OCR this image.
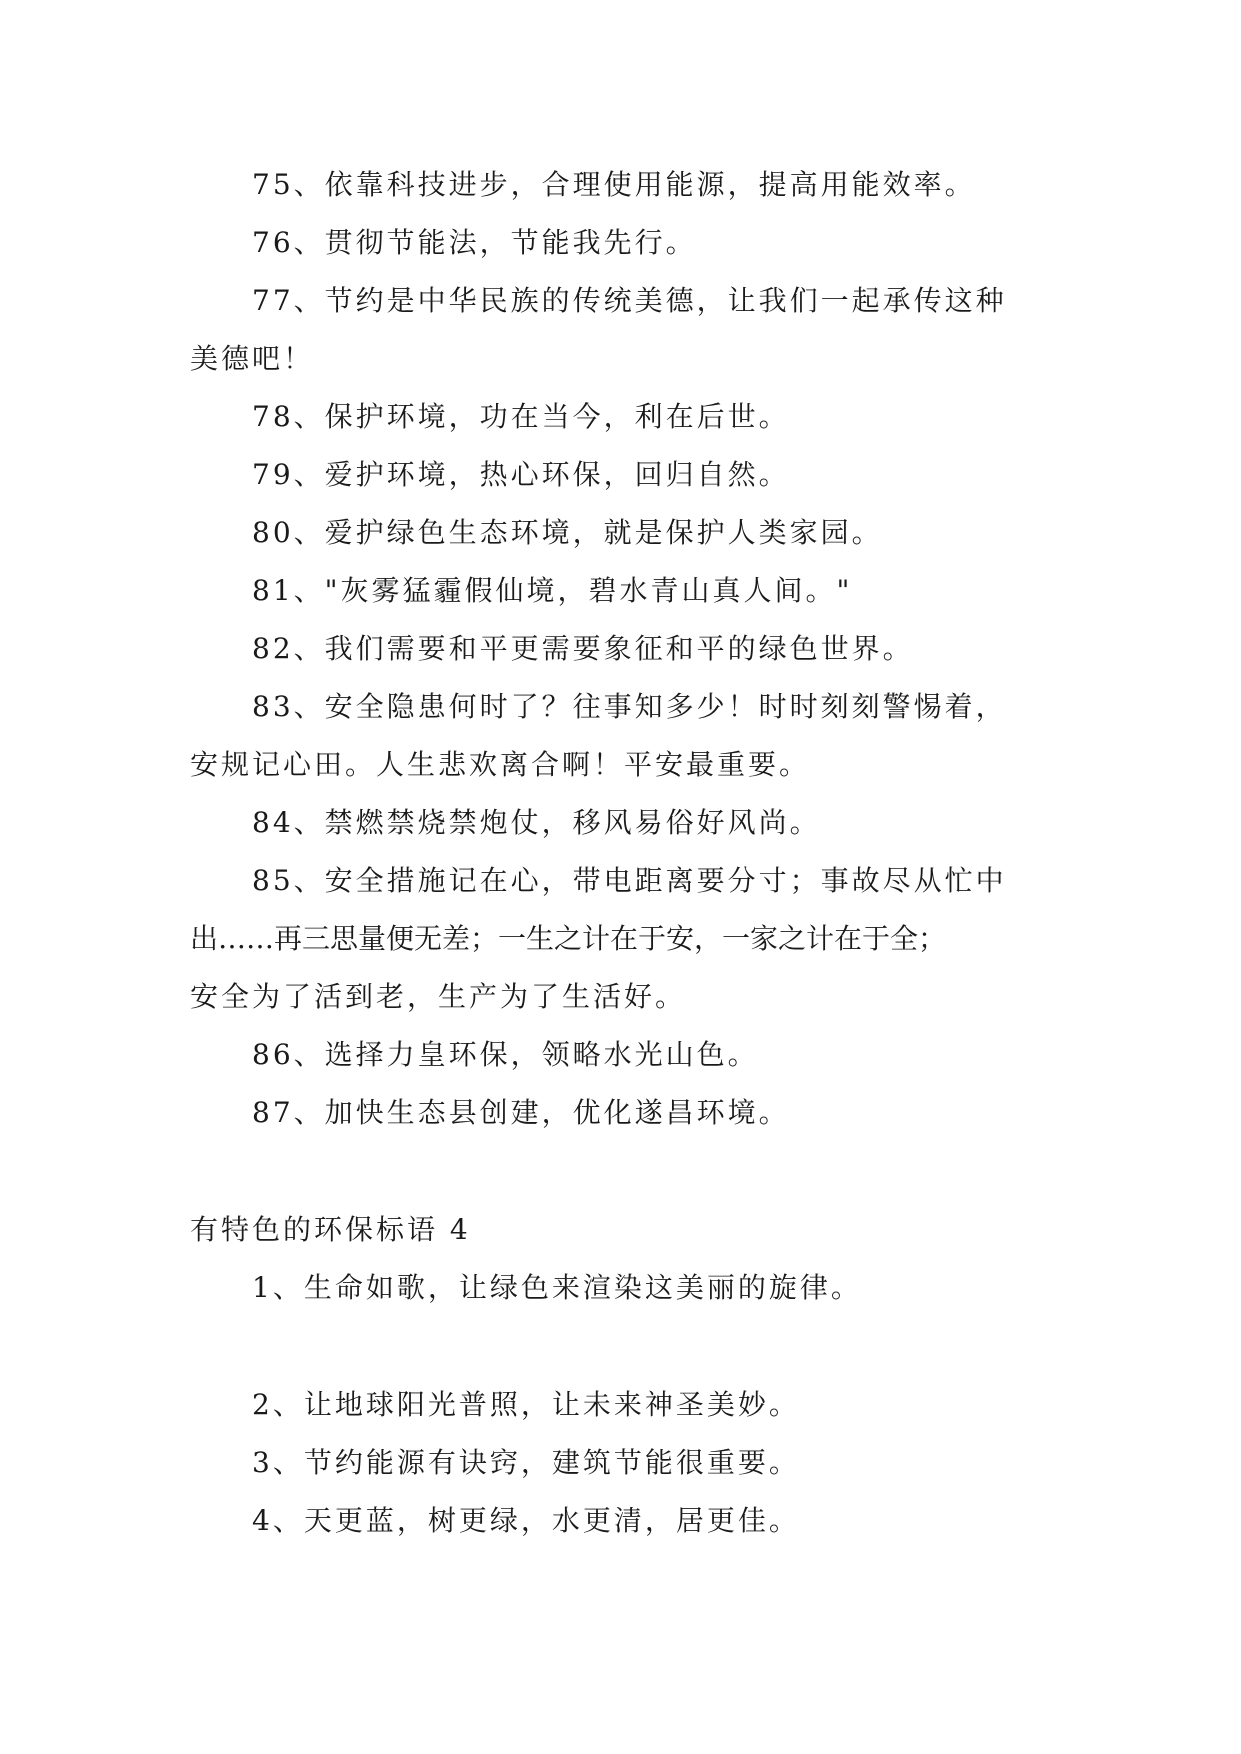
75、依靠科技进步，合理使用能源，提高用能效率。
76、贯彻节能法，节能我先行。
77、节约是中华民族的传统美德，让我们一起承传这种
美德吧！
78、保护环境，功在当今，利在后世。
79、爱护环境，热心环保，回归自然。
80、爱护绿色生态环境，就是保护人类家园。
81、"灰雾猛霾假仙境，碧水青山真人间。"
82、我们需要和平更需要象征和平的绿色世界。
83、安全隐患何时了？往事知多少！时时刻刻警惕着，
安规记心田。人生悲欢离合啊！平安最重要。
84、禁燃禁烧禁炮仗，移风易俗好风尚。
85、安全措施记在心，带电距离要分寸；事故尽从忙中
出……再三思量便无差；一生之计在于安，一家之计在于全；
安全为了活到老，生产为了生活好。
86、选择力皇环保，领略水光山色。
87、加快生态县创建，优化遂昌环境。
有特色的环保标语 4
1、生命如歌，让绿色来渲染这美丽的旋律。
2、让地球阳光普照，让未来神圣美妙。
3、节约能源有诀窍，建筑节能很重要。
4、天更蓝，树更绿，水更清，居更佳。
